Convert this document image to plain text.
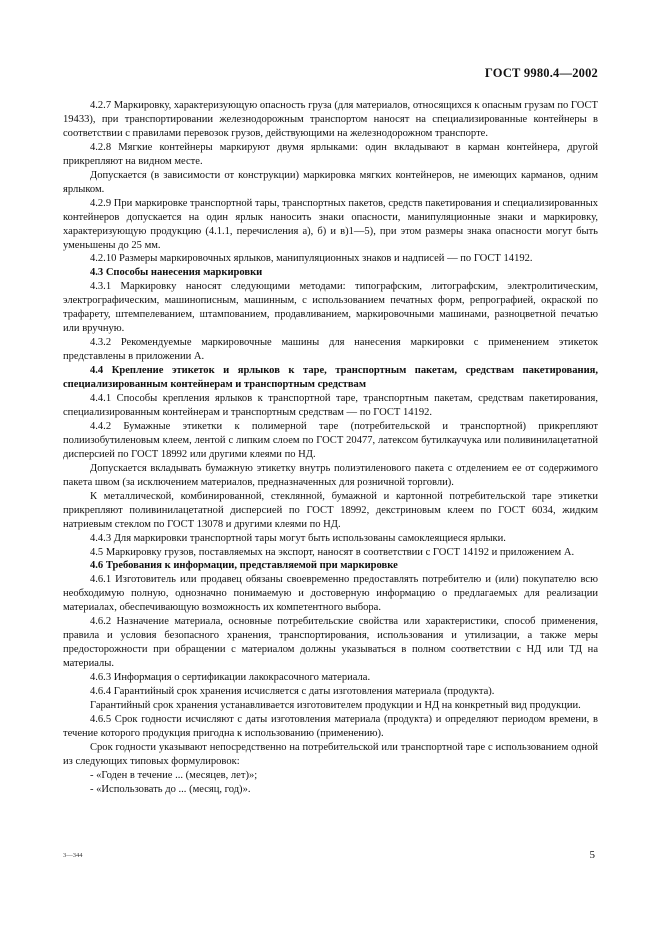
ГОСТ 9980.4—2002

4.2.7 Маркировку, характеризующую опасность груза (для материалов, относящихся к опасным грузам по ГОСТ 19433), при транспортировании железнодорожным транспортом наносят на специализированные контейнеры в соответствии с правилами перевозок грузов, действующими на железнодорожном транспорте.

4.2.8 Мягкие контейнеры маркируют двумя ярлыками: один вкладывают в карман контейнера, другой прикрепляют на видном месте.

Допускается (в зависимости от конструкции) маркировка мягких контейнеров, не имеющих карманов, одним ярлыком.

4.2.9 При маркировке транспортной тары, транспортных пакетов, средств пакетирования и специализированных контейнеров допускается на один ярлык наносить знаки опасности, манипуляционные знаки и маркировку, характеризующую продукцию (4.1.1, перечисления а), б) и в)1—5), при этом размеры знака опасности могут быть уменьшены до 25 мм.

4.2.10 Размеры маркировочных ярлыков, манипуляционных знаков и надписей — по ГОСТ 14192.

4.3 Способы нанесения маркировки

4.3.1 Маркировку наносят следующими методами: типографским, литографским, электролитическим, электрографическим, машинописным, машинным, с использованием печатных форм, репрографией, окраской по трафарету, штемпелеванием, штампованием, продавливанием, маркировочными машинами, разноцветной печатью или вручную.

4.3.2 Рекомендуемые маркировочные машины для нанесения маркировки с применением этикеток представлены в приложении А.

4.4 Крепление этикеток и ярлыков к таре, транспортным пакетам, средствам пакетирования, специализированным контейнерам и транспортным средствам

4.4.1 Способы крепления ярлыков к транспортной таре, транспортным пакетам, средствам пакетирования, специализированным контейнерам и транспортным средствам — по ГОСТ 14192.

4.4.2 Бумажные этикетки к полимерной таре (потребительской и транспортной) прикрепляют полиизобутиленовым клеем, лентой с липким слоем по ГОСТ 20477, латексом бутилкаучука или поливинилацетатной дисперсией по ГОСТ 18992 или другими клеями по НД.

Допускается вкладывать бумажную этикетку внутрь полиэтиленового пакета с отделением ее от содержимого пакета швом (за исключением материалов, предназначенных для розничной торговли).

К металлической, комбинированной, стеклянной, бумажной и картонной потребительской таре этикетки прикрепляют поливинилацетатной дисперсией по ГОСТ 18992, декстриновым клеем по ГОСТ 6034, жидким натриевым стеклом по ГОСТ 13078 и другими клеями по НД.

4.4.3 Для маркировки транспортной тары могут быть использованы самоклеящиеся ярлыки.

4.5 Маркировку грузов, поставляемых на экспорт, наносят в соответствии с ГОСТ 14192 и приложением А.

4.6 Требования к информации, представляемой при маркировке

4.6.1 Изготовитель или продавец обязаны своевременно предоставлять потребителю и (или) покупателю всю необходимую полную, однозначно понимаемую и достоверную информацию о предлагаемых для реализации материалах, обеспечивающую возможность их компетентного выбора.

4.6.2 Назначение материала, основные потребительские свойства или характеристики, способ применения, правила и условия безопасного хранения, транспортирования, использования и утилизации, а также меры предосторожности при обращении с материалом должны указываться в полном соответствии с НД или ТД на материалы.

4.6.3 Информация о сертификации лакокрасочного материала.

4.6.4 Гарантийный срок хранения исчисляется с даты изготовления материала (продукта).

Гарантийный срок хранения устанавливается изготовителем продукции и НД на конкретный вид продукции.

4.6.5 Срок годности исчисляют с даты изготовления материала (продукта) и определяют периодом времени, в течение которого продукция пригодна к использованию (применению).

Срок годности указывают непосредственно на потребительской или транспортной таре с использованием одной из следующих типовых формулировок:

- «Годен в течение ... (месяцев, лет)»;

- «Использовать до ... (месяц, год)».

3—344	5
